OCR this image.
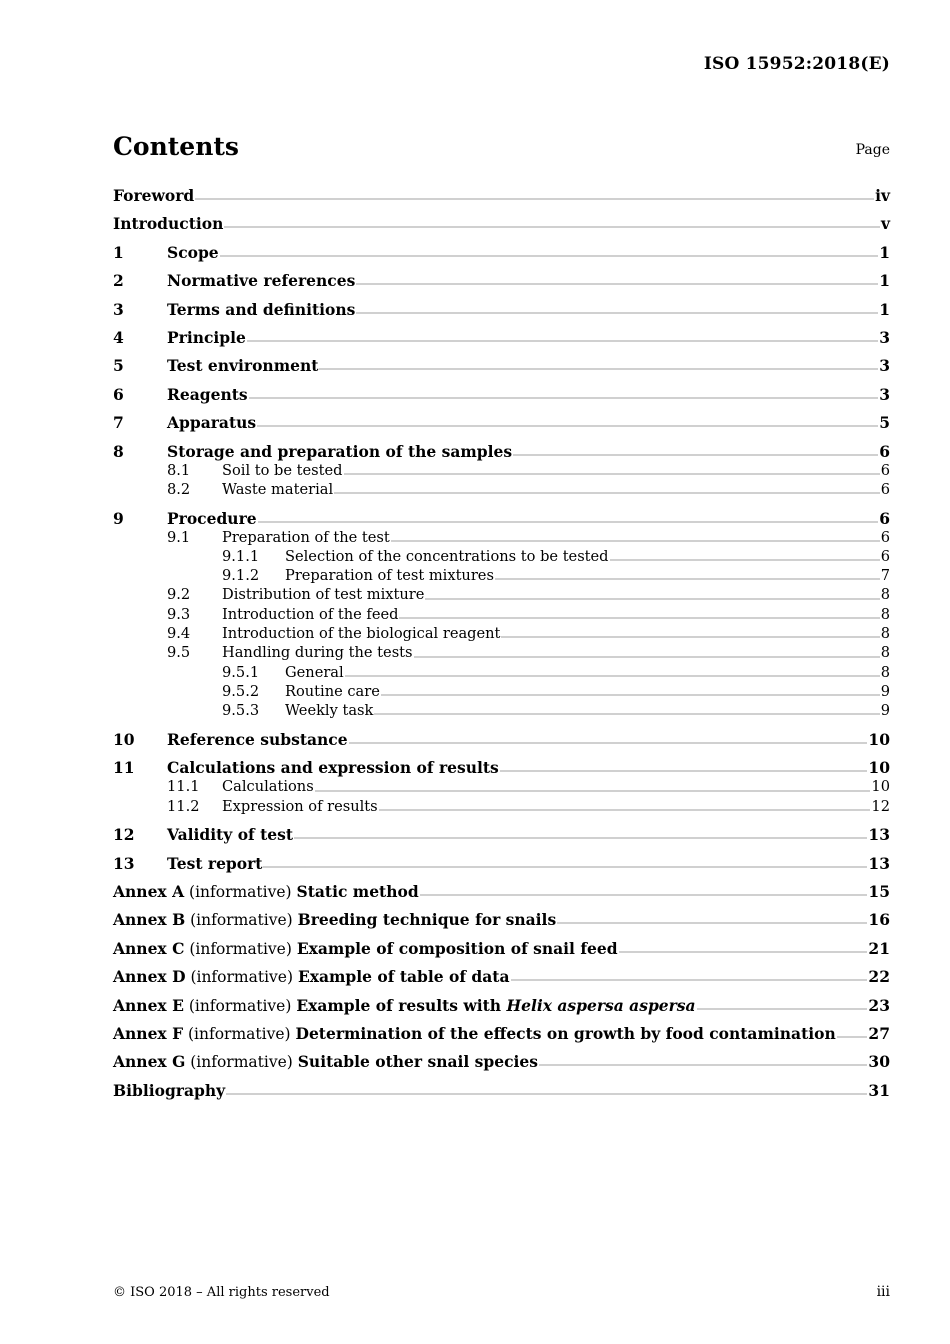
ISO 15952:2018(E)
Contents	Page
Foreword	iv
Introduction	v
1	Scope	1
2	Normative references	1
3	Terms and definitions	1
4	Principle	3
5	Test environment	3
6	Reagents	3
7	Apparatus	5
8	Storage and preparation of the samples	6
8.1	Soil to be tested	6
8.2	Waste material	6
9	Procedure	6
9.1	Preparation of the test	6
9.1.1	Selection of the concentrations to be tested	6
9.1.2	Preparation of test mixtures	7
9.2	Distribution of test mixture	8
9.3	Introduction of the feed	8
9.4	Introduction of the biological reagent	8
9.5	Handling during the tests	8
9.5.1	General	8
9.5.2	Routine care	9
9.5.3	Weekly task	9
10	Reference substance	10
11	Calculations and expression of results	10
11.1	Calculations	10
11.2	Expression of results	12
12	Validity of test	13
13	Test report	13
Annex A (informative) Static method	15
Annex B (informative) Breeding technique for snails	16
Annex C (informative) Example of composition of snail feed	21
Annex D (informative) Example of table of data	22
Annex E (informative) Example of results with Helix aspersa aspersa	23
Annex F (informative) Determination of the effects on growth by food contamination 27
Annex G (informative) Suitable other snail species	30
Bibliography	31
© ISO 2018 – All rights reserved	iii
